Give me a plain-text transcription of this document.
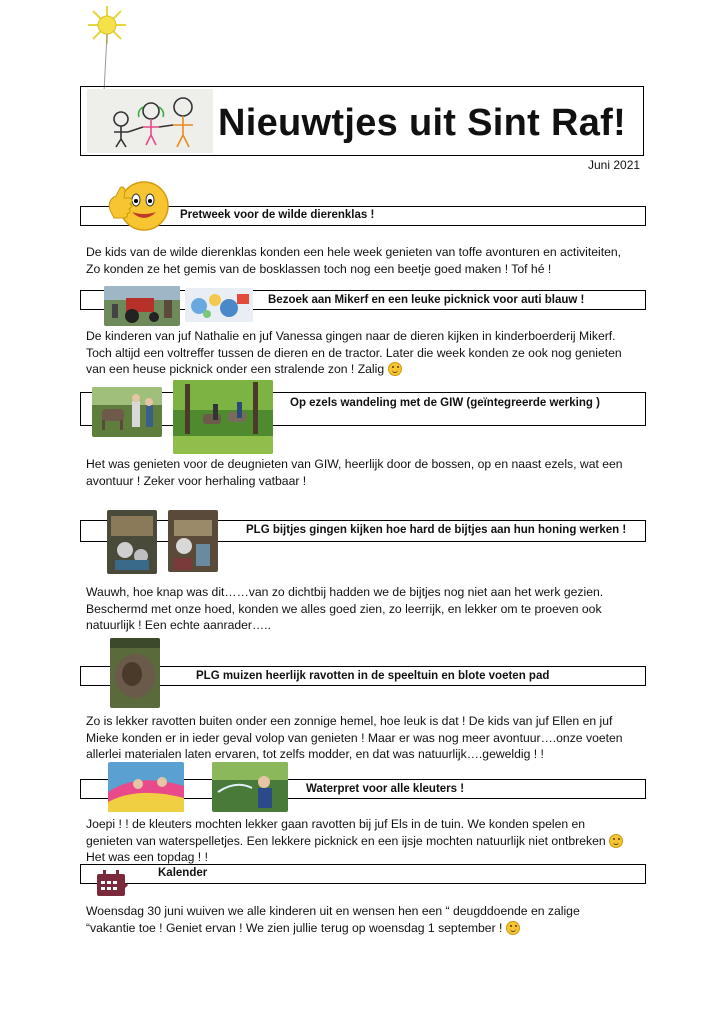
Nieuwtjes uit Sint Raf!
Juni 2021
Pretweek voor de wilde dierenklas !
De kids van de wilde dierenklas konden een hele week genieten van toffe avonturen en activiteiten,
Zo konden ze het gemis van de bosklassen toch nog een beetje goed maken ! Tof hé !
Bezoek aan Mikerf en een leuke picknick voor auti blauw !
De kinderen van juf Nathalie en juf Vanessa gingen naar de dieren kijken in kinderboerderij Mikerf.
Toch altijd een voltreffer tussen de dieren en de tractor. Later die week konden ze ook nog genieten
van een heuse picknick onder een stralende zon ! Zalig
Op ezels wandeling met de GIW (geïntegreerde werking )
Het was genieten voor de deugnieten van GIW, heerlijk door de bossen, op en naast ezels, wat een
avontuur ! Zeker voor herhaling vatbaar !
PLG bijtjes gingen kijken hoe hard de bijtjes aan hun honing werken !
Wauwh, hoe knap was dit……van zo dichtbij hadden we de bijtjes nog niet aan het werk gezien.
Beschermd met onze hoed, konden we alles goed zien, zo leerrijk, en lekker om te proeven ook
natuurlijk ! Een echte aanrader…..
PLG muizen heerlijk ravotten in de speeltuin en blote voeten pad
Zo is lekker ravotten buiten onder een zonnige hemel, hoe leuk is dat ! De kids van juf Ellen en juf
Mieke konden er in ieder geval volop van genieten ! Maar er was nog meer avontuur….onze voeten
allerlei materialen laten ervaren, tot zelfs modder, en dat was natuurlijk….geweldig ! !
Waterpret voor alle kleuters !
Joepi ! ! de kleuters mochten lekker gaan ravotten bij juf Els in de tuin. We konden spelen en
genieten van waterspelletjes. Een lekkere picknick en een ijsje mochten natuurlijk niet ontbreken
Het was een topdag ! !
Kalender
Woensdag 30 juni wuiven we alle kinderen uit en wensen hen een “ deugddoende en zalige
“vakantie toe ! Geniet ervan ! We zien jullie terug op woensdag 1 september !
